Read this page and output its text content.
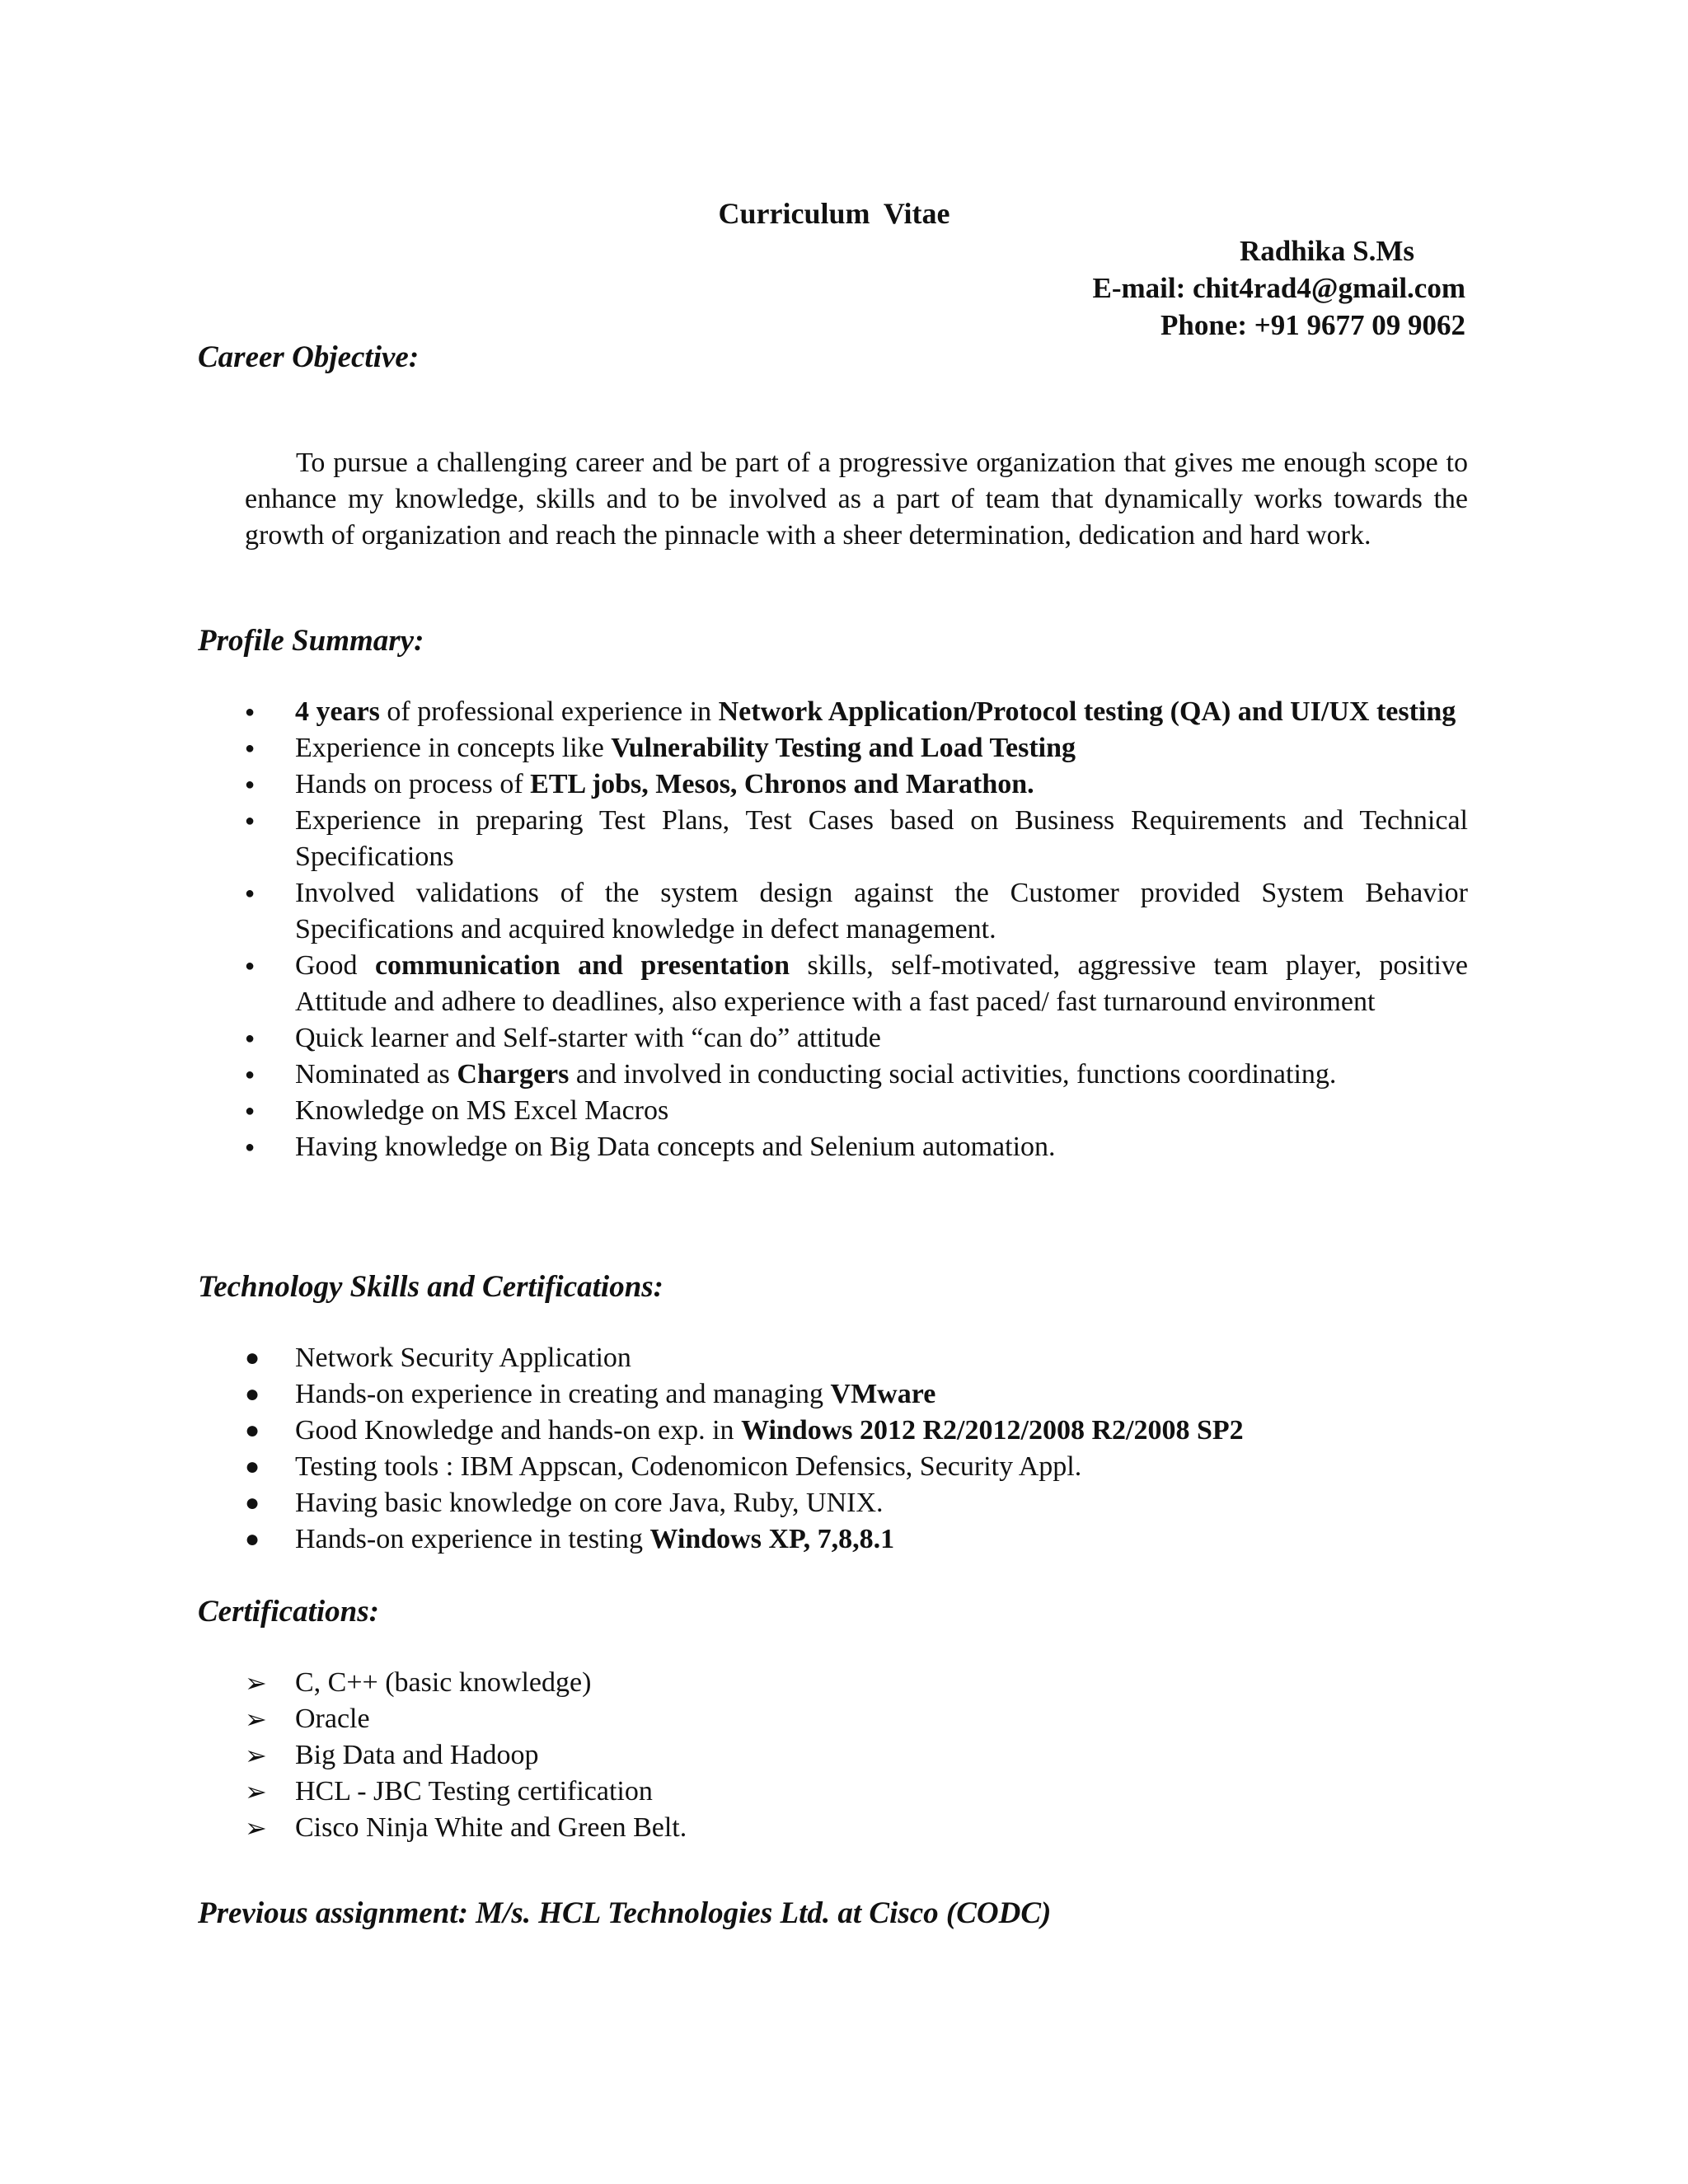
Curriculum Vitae
Radhika S.Ms
E-mail: chit4rad4@gmail.com
Phone: +91 9677 09 9062
Career Objective:

To pursue a challenging career and be part of a progressive organization that gives me enough scope to enhance my knowledge, skills and to be involved as a part of team that dynamically works towards the growth of organization and reach the pinnacle with a sheer determination, dedication and hard work.

Profile Summary:
●	4 years of professional experience in Network Application/Protocol testing (QA) and UI/UX testing
●	Experience in concepts like Vulnerability Testing and Load Testing
●	Hands on process of ETL jobs, Mesos, Chronos and Marathon.
●	Experience in preparing Test Plans, Test Cases based on Business Requirements and Technical Specifications
●	Involved validations of the system design against the Customer provided System Behavior Specifications and acquired knowledge in defect management.
●	Good communication and presentation skills, self-motivated, aggressive team player, positive Attitude and adhere to deadlines, also experience with a fast paced/ fast turnaround environment
●	Quick learner and Self-starter with “can do” attitude
●	Nominated as Chargers and involved in conducting social activities, functions coordinating.
●	Knowledge on MS Excel Macros
●	Having knowledge on Big Data concepts and Selenium automation.
Technology Skills and Certifications:
●	Network Security Application
●	Hands-on experience in creating and managing VMware
●	Good Knowledge and hands-on exp. in Windows 2012 R2/2012/2008 R2/2008 SP2
●	Testing tools : IBM Appscan, Codenomicon Defensics, Security Appl.
●	Having basic knowledge on core Java, Ruby, UNIX.
●	Hands-on experience in testing Windows XP, 7,8,8.1
Certifications:
➢	C, C++ (basic knowledge)
➢	Oracle
➢	Big Data and Hadoop
➢	HCL - JBC Testing certification
➢	Cisco Ninja White and Green Belt.
Previous assignment: M/s. HCL Technologies Ltd. at Cisco (CODC)
